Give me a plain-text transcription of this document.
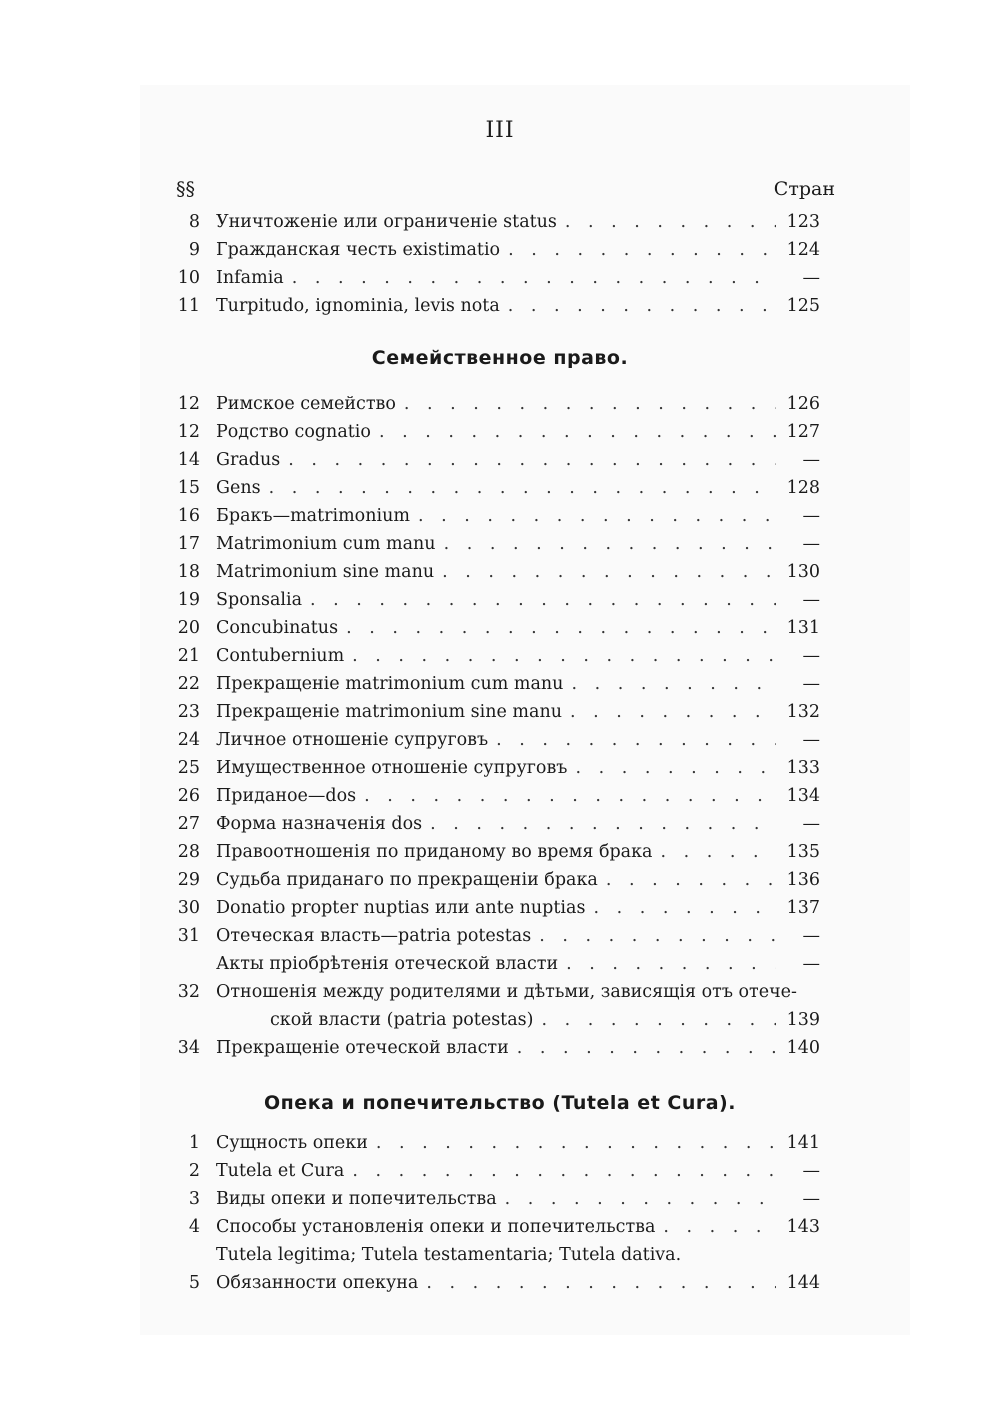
III
§§	Стран
8 Уничтоженіе или ограниченіе status . . .	123
9 Гражданская честь existimatio . . .	124
10 Infamia . . .	—
11 Turpitudo, ignominia, levis nota . . .	125
Семейственное право.
12 Римское семейство . . .	126
12 Родство cognatio . . .	127
14 Gradus . . .	—
15 Gens . . .	128
16 Бракъ—matrimonium . . .	—
17 Matrimonium cum manu . . .	—
18 Matrimonium sine manu . . .	130
19 Sponsalia . . .	—
20 Concubinatus . . .	131
21 Contubernium . . .	—
22 Прекращеніе matrimonium cum manu . . .	—
23 Прекращеніе matrimonium sine manu . . .	132
24 Личное отношеніе супруговъ . . .	—
25 Имущественное отношеніе супруговъ . . .	133
26 Приданое—dos . . .	134
27 Форма назначенія dos . . .	—
28 Правоотношенія по приданому во время брака . . .	135
29 Судьба приданаго по прекращеніи брака . . .	136
30 Donatio propter nuptias или ante nuptias . . .	137
31 Отеческая власть—patria potestas . . .	—
Акты пріобрѣтенія отеческой власти . . .	—
32 Отношенія между родителями и дѣтьми, зависящія отъ отече-
ской власти (patria potestas) . . .	139
34 Прекращеніе отеческой власти . . .	140
Опека и попечительство (Tutela et Cura).
1 Сущность опеки . . .	141
2 Tutela et Cura . . .	—
3 Виды опеки и попечительства . . .	—
4 Способы установленія опеки и попечительства . . .	143
Tutela legitima; Tutela testamentaria; Tutela dativa.
5 Обязанности опекуна . . .	144
